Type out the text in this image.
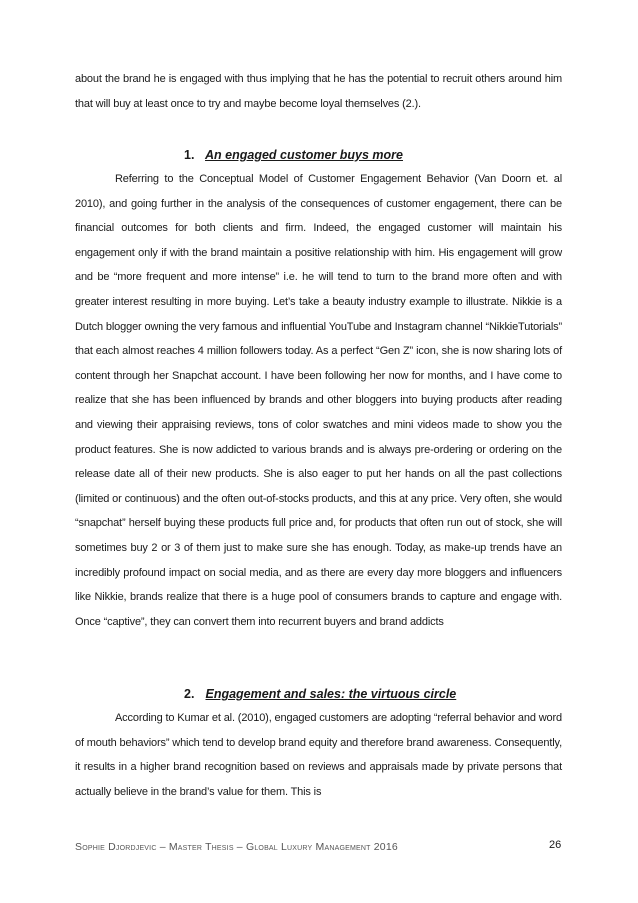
about the brand he is engaged with thus implying that he has the potential to recruit others around him that will buy at least once to try and maybe become loyal themselves (2.).

1. An engaged customer buys more

Referring to the Conceptual Model of Customer Engagement Behavior (Van Doorn et. al 2010), and going further in the analysis of the consequences of customer engagement, there can be financial outcomes for both clients and firm. Indeed, the engaged customer will maintain his engagement only if with the brand maintain a positive relationship with him. His engagement will grow and be “more frequent and more intense” i.e. he will tend to turn to the brand more often and with greater interest resulting in more buying. Let’s take a beauty industry example to illustrate. Nikkie is a Dutch blogger owning the very famous and influential YouTube and Instagram channel “NikkieTutorials” that each almost reaches 4 million followers today. As a perfect “Gen Z” icon, she is now sharing lots of content through her Snapchat account. I have been following her now for months, and I have come to realize that she has been influenced by brands and other bloggers into buying products after reading and viewing their appraising reviews, tons of color swatches and mini videos made to show you the product features. She is now addicted to various brands and is always pre-ordering or ordering on the release date all of their new products. She is also eager to put her hands on all the past collections (limited or continuous) and the often out-of-stocks products, and this at any price. Very often, she would “snapchat” herself buying these products full price and, for products that often run out of stock, she will sometimes buy 2 or 3 of them just to make sure she has enough. Today, as make-up trends have an incredibly profound impact on social media, and as there are every day more bloggers and influencers like Nikkie, brands realize that there is a huge pool of consumers brands to capture and engage with. Once “captive”, they can convert them into recurrent buyers and brand addicts

2. Engagement and sales: the virtuous circle

According to Kumar et al. (2010), engaged customers are adopting “referral behavior and word of mouth behaviors” which tend to develop brand equity and therefore brand awareness. Consequently, it results in a higher brand recognition based on reviews and appraisals made by private persons that actually believe in the brand’s value for them. This is

Sophie Djordjevic – Master Thesis – Global Luxury Management 2016	26
